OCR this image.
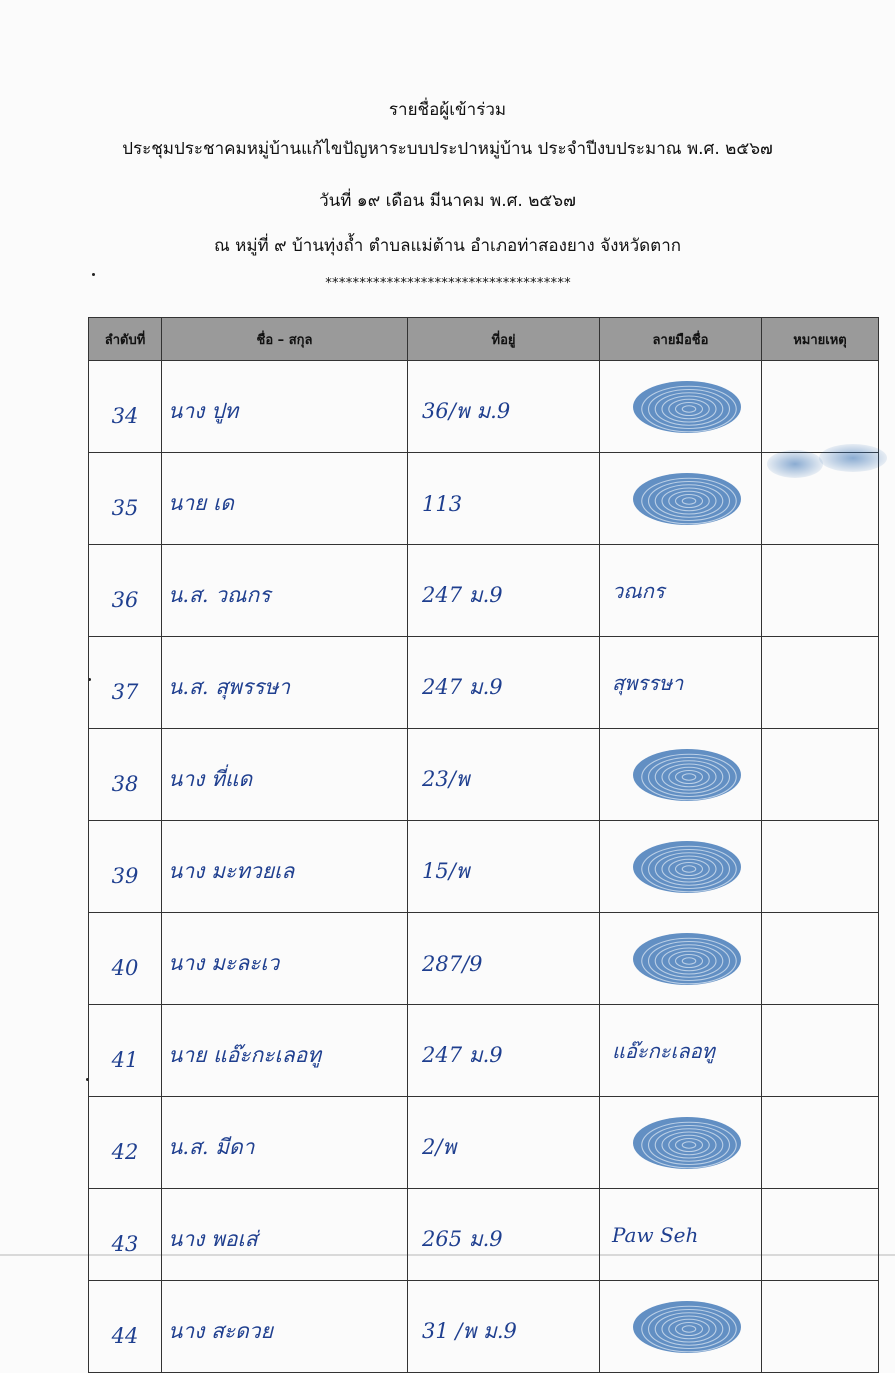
รายชื่อผู้เข้าร่วม
ประชุมประชาคมหมู่บ้านแก้ไขปัญหาระบบประปาหมู่บ้าน ประจำปีงบประมาณ พ.ศ. ๒๕๖๗
วันที่ ๑๙ เดือน มีนาคม พ.ศ. ๒๕๖๗
ณ หมู่ที่ ๙ บ้านทุ่งถ้ำ ตำบลแม่ต้าน อำเภอท่าสองยาง จังหวัดตาก
************************************
ลำดับที่	ชื่อ – สกุล	ที่อยู่	ลายมือชื่อ	หมายเหตุ
34	นาง ปูท	36/พ ม.9	

35	นาย เด	113	

36	น.ส. วณกร	247 ม.9	วณกร	
37	น.ส. สุพรรษา	247 ม.9	สุพรรษา	
38	นาง ที่แด	23/พ	

39	นาง มะทวยเล	15/พ	

40	นาง มะละเว	287/9	

41	นาย แอ๊ะกะเลอทู	247 ม.9	แอ๊ะกะเลอทู	
42	น.ส. มีดา	2/พ	

43	นาง พอเส่	265 ม.9	Paw Seh	
44	นาง สะดวย	31 /พ ม.9	
